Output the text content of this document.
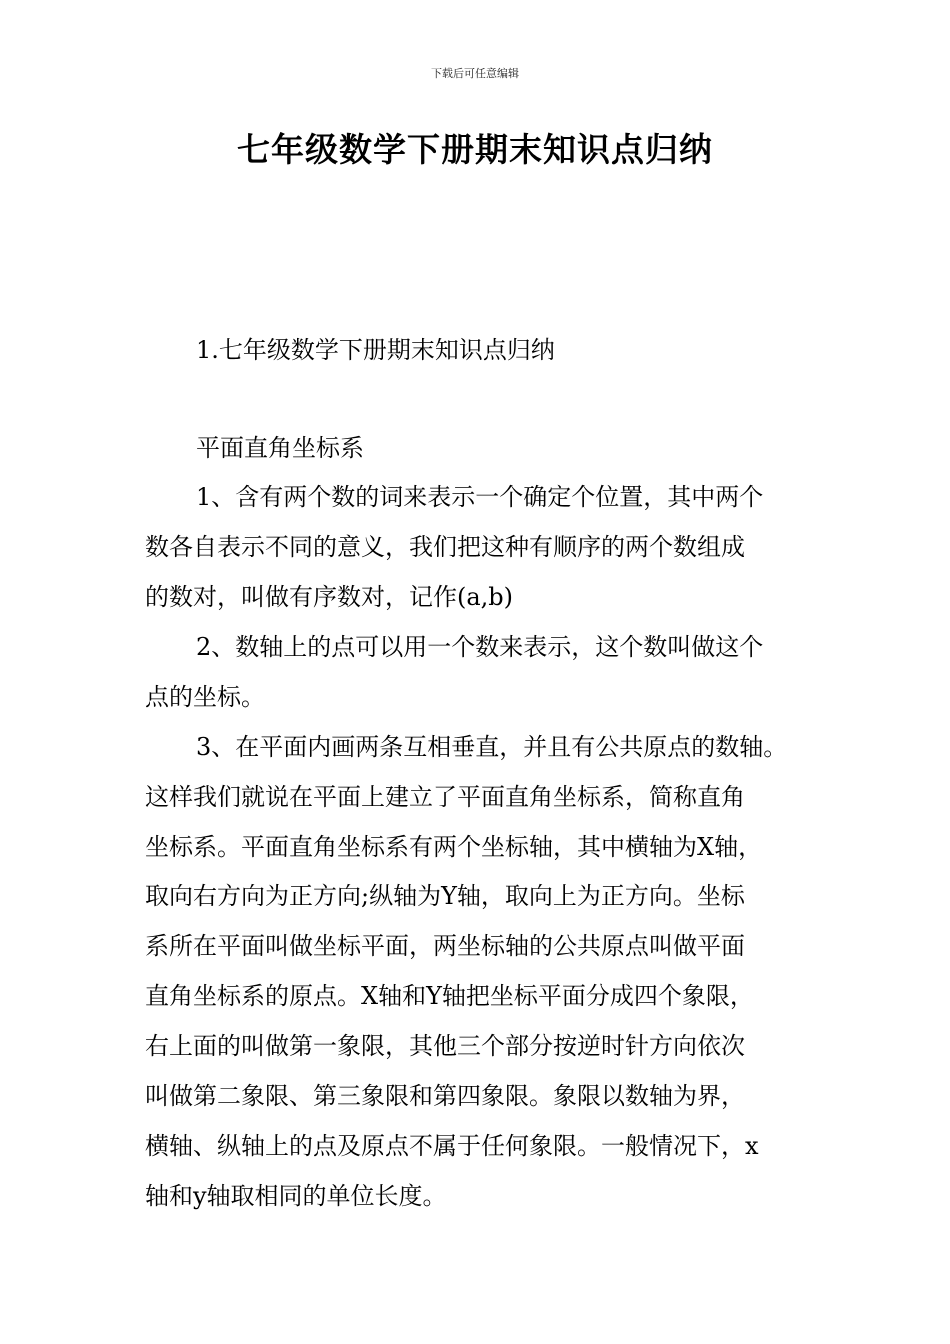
下载后可任意编辑
七年级数学下册期末知识点归纳
1.七年级数学下册期末知识点归纳
平面直角坐标系
1、含有两个数的词来表示一个确定个位置，其中两个
数各自表示不同的意义，我们把这种有顺序的两个数组成
的数对，叫做有序数对，记作(a,b)
2、数轴上的点可以用一个数来表示，这个数叫做这个
点的坐标。
3、在平面内画两条互相垂直，并且有公共原点的数轴。
这样我们就说在平面上建立了平面直角坐标系，简称直角
坐标系。平面直角坐标系有两个坐标轴，其中横轴为X轴，
取向右方向为正方向;纵轴为Y轴，取向上为正方向。坐标
系所在平面叫做坐标平面，两坐标轴的公共原点叫做平面
直角坐标系的原点。X轴和Y轴把坐标平面分成四个象限，
右上面的叫做第一象限，其他三个部分按逆时针方向依次
叫做第二象限、第三象限和第四象限。象限以数轴为界，
横轴、纵轴上的点及原点不属于任何象限。一般情况下，x
轴和y轴取相同的单位长度。
